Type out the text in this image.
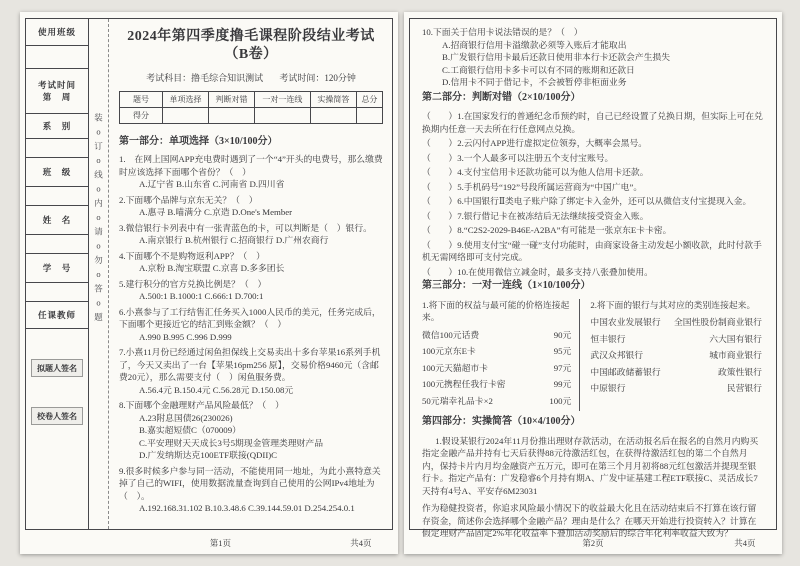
使用班级
考试时间
第　周
系　别
班　级
姓　名
学　号
任课教师
拟题人签名
校卷人签名
装o订o线o内o请o勿o答o题
2024年第四季度撸毛课程阶段结业考试（B卷）
考试科目：撸毛综合知识测试 考试时间：120分钟
题号	单项选择	判断对错	一对一连线	实操简答	总分
得分					
第一部分：单项选择（3×10/100分）
1.　在网上国网APP充电费时遇到了一个“4”开头的电费号，那么缴费时应该选择下面哪个省份？（　）
A.辽宁省 B.山东省 C.河南省 D.四川省
2.下面哪个品牌与京东无关？（　）
A.惠寻 B.喵满分 C.京造 D.One's Member
3.微信银行卡列表中有一张青蓝色的卡，可以判断是（　）银行。
A.南京银行 B.杭州银行 C.招商银行 D.广州农商行
4.下面哪个不是购物返利APP？（　）
A.京粉 B.淘宝联盟 C.京喜 D.多多团长
5.建行积分的官方兑换比例是？（　）
A.500:1 B.1000:1 C.666:1 D.700:1
6.小熹参与了工行结售汇任务买入1000人民币的美元，任务完成后，下面哪个更接近它的结汇到账金额？（　）
A.990 B.995 C.996 D.999
7.小熹11月份已经通过闲鱼担保线上交易卖出十多台苹果16系列手机了，今天又卖出了一台【苹果16pm256 原】，交易价格9460元（含邮费20元），那么需要支付（　）闲鱼服务费。
A.56.4元 B.150.4元 C.56.28元 D.150.08元
8.下面哪个金融理财产品风险最低？（　）
A.23附息国债26(230026)
B.嘉实超短债C（070009）
C.平安理财天天成长3号5期现金管理类理财产品
D.广发纳斯达克100ETF联接(QDII)C
9.很多时候多户参与同一活动，不能使用同一地址，为此小熹特意关掉了自己的WIFI，使用数据流量查询到自己使用的公网IPv4地址为（　）。
A.192.168.31.102 B.10.3.48.6 C.39.144.59.01 D.254.254.0.1
第1页	共4页
10.下面关于信用卡说法错误的是？（　）
A.招商银行信用卡溢缴款必须等入账后才能取出
B.广发银行信用卡最后还款日使用非本行卡还款会产生损失
C.工商银行信用卡多卡可以有不同的账期和还款日
D.信用卡不同于借记卡，不会被暂停非柜面业务
第二部分：判断对错（2×10/100分）
（　　）1.在国家发行的普通纪念币预约时，自己已经设置了兑换日期，但实际上可在兑换期内任意一天去所在行任意网点兑换。
（　　）2.云闪付APP进行虚拟定位领券，大概率会黑号。
（　　）3.一个人最多可以注册五个支付宝账号。
（　　）4.支付宝信用卡还款功能可以为他人信用卡还款。
（　　）5.手机码号“192”号段所属运营商为“中国广电”。
（　　）6.中国银行Ⅱ类电子账户除了绑定卡入金外，还可以从微信支付宝提现入金。
（　　）7.银行借记卡在被冻结后无法继续接受资金入账。
（　　）8.“C2S2-2029-B46E-A2BA”有可能是一张京东E卡卡密。
（　　）9.使用支付宝“碰一碰”支付功能时，由商家设备主动发起小额收款，此时付款手机无需网络即可支付完成。
（　　）10.在使用微信立减金时，最多支持八张叠加使用。
第三部分：一对一连线（1×10/100分）
1.将下面的权益与最可能的价格连接起来。
微信100元话费	90元
100元京东E卡	95元
100元天猫超市卡	97元
100元携程任我行卡密	99元
50元瑞幸礼品卡×2	100元
2.将下面的银行与其对应的类别连接起来。
中国农业发展银行 全国性股份制商业银行
恒丰银行	六大国有银行
武汉众邦银行	城市商业银行
中国邮政储蓄银行	政策性银行
中原银行	民营银行
第四部分：实操简答（10×4/100分）
1.假设某银行2024年11月份推出理财存款活动，在活动报名后在报名的自然月内购买指定金融产品并持有七天后获得88元待激活红包，在获得待激活红包的第二个自然月内，保持卡片内月均金融资产五万元，即可在第三个月月初将88元红包激活并提现至银行卡。指定产品有：广发稳睿6个月持有期A、广发中证基建工程ETF联接C、灵活成长7天持有4号A、平安存6M23031
作为稳健投资者，你追求风险最小情况下的收益最大化且在活动结束后不打算在该行留存资金，简述你会选择哪个金融产品？理由是什么？在哪天开始进行投资转入？计算在假定理财产品固定2%年化收益率下叠加活动奖励后的综合年化利率收益大致为？
第2页	共4页
